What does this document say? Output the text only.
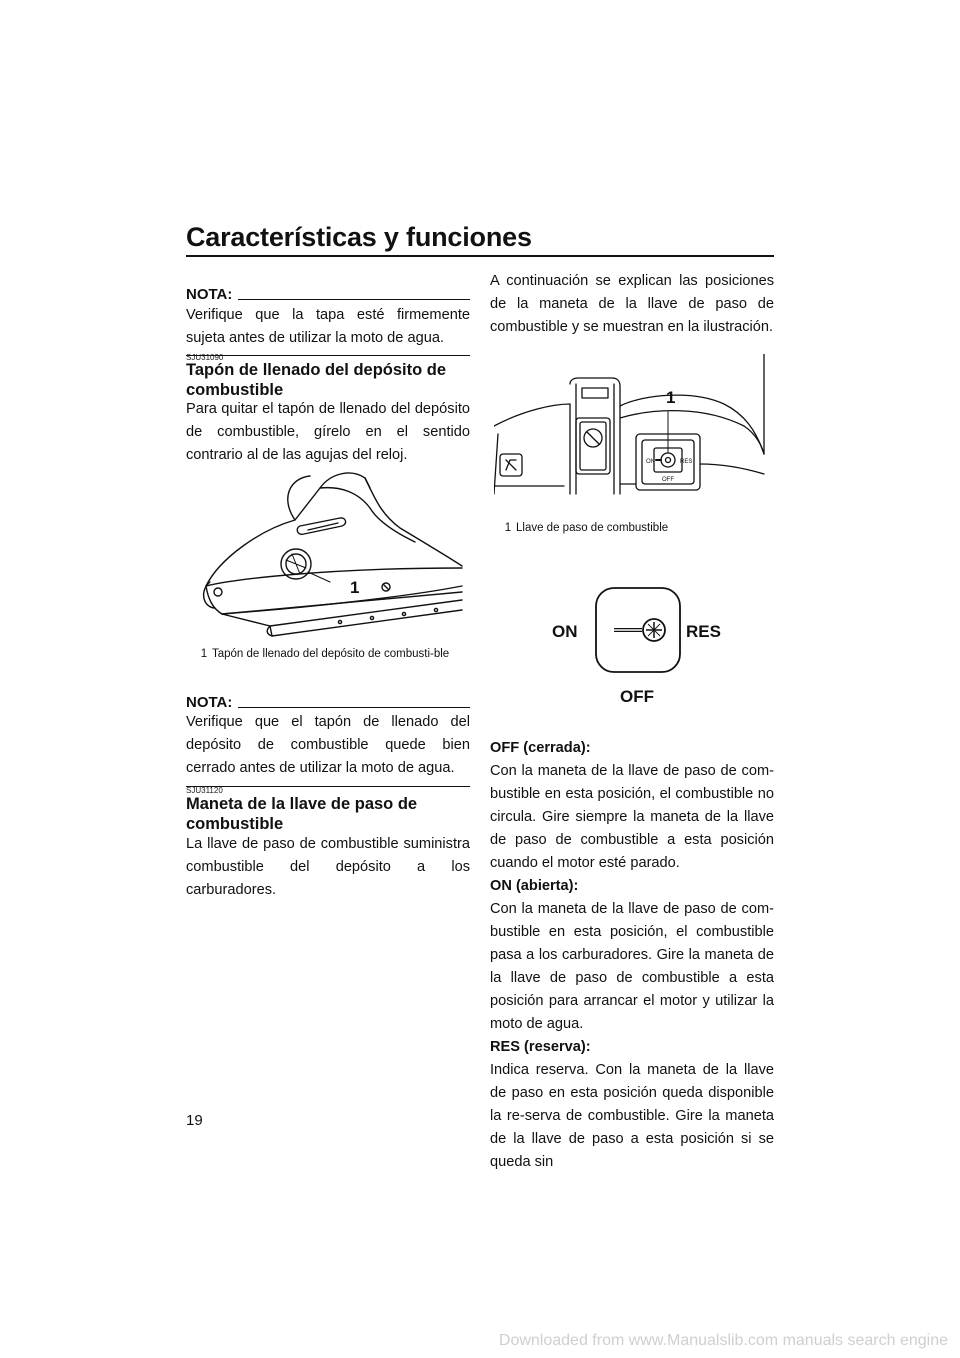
Características y funciones
NOTA:
Verifique que la tapa esté firmemente sujeta antes de utilizar la moto de agua.
SJU31090
Tapón de llenado del depósito de combustible
Para quitar el tapón de llenado del depósito de combustible, gírelo en el sentido contrario al de las agujas del reloj.
1
1 Tapón de llenado del depósito de combusti-ble
NOTA:
Verifique que el tapón de llenado del depósito de combustible quede bien cerrado antes de utilizar la moto de agua.
SJU31120
Maneta de la llave de paso de combustible
La llave de paso de combustible suministra combustible del depósito a los carburadores.
A continuación se explican las posiciones de la maneta de la llave de paso de combustible y se muestran en la ilustración.
ON	RES
OFF
1
1 Llave de paso de combustible
ON	RES
OFF
OFF (cerrada):
Con la maneta de la llave de paso de com-bustible en esta posición, el combustible no circula. Gire siempre la maneta de la llave de paso de combustible a esta posición cuando el motor esté parado.
ON (abierta):
Con la maneta de la llave de paso de com-bustible en esta posición, el combustible pasa a los carburadores. Gire la maneta de la llave de paso de combustible a esta posición para arrancar el motor y utilizar la moto de agua.
RES (reserva):
Indica reserva. Con la maneta de la llave de paso en esta posición queda disponible la re-serva de combustible. Gire la maneta de la llave de paso a esta posición si se queda sin
19
Downloaded from www.Manualslib.com manuals search engine
